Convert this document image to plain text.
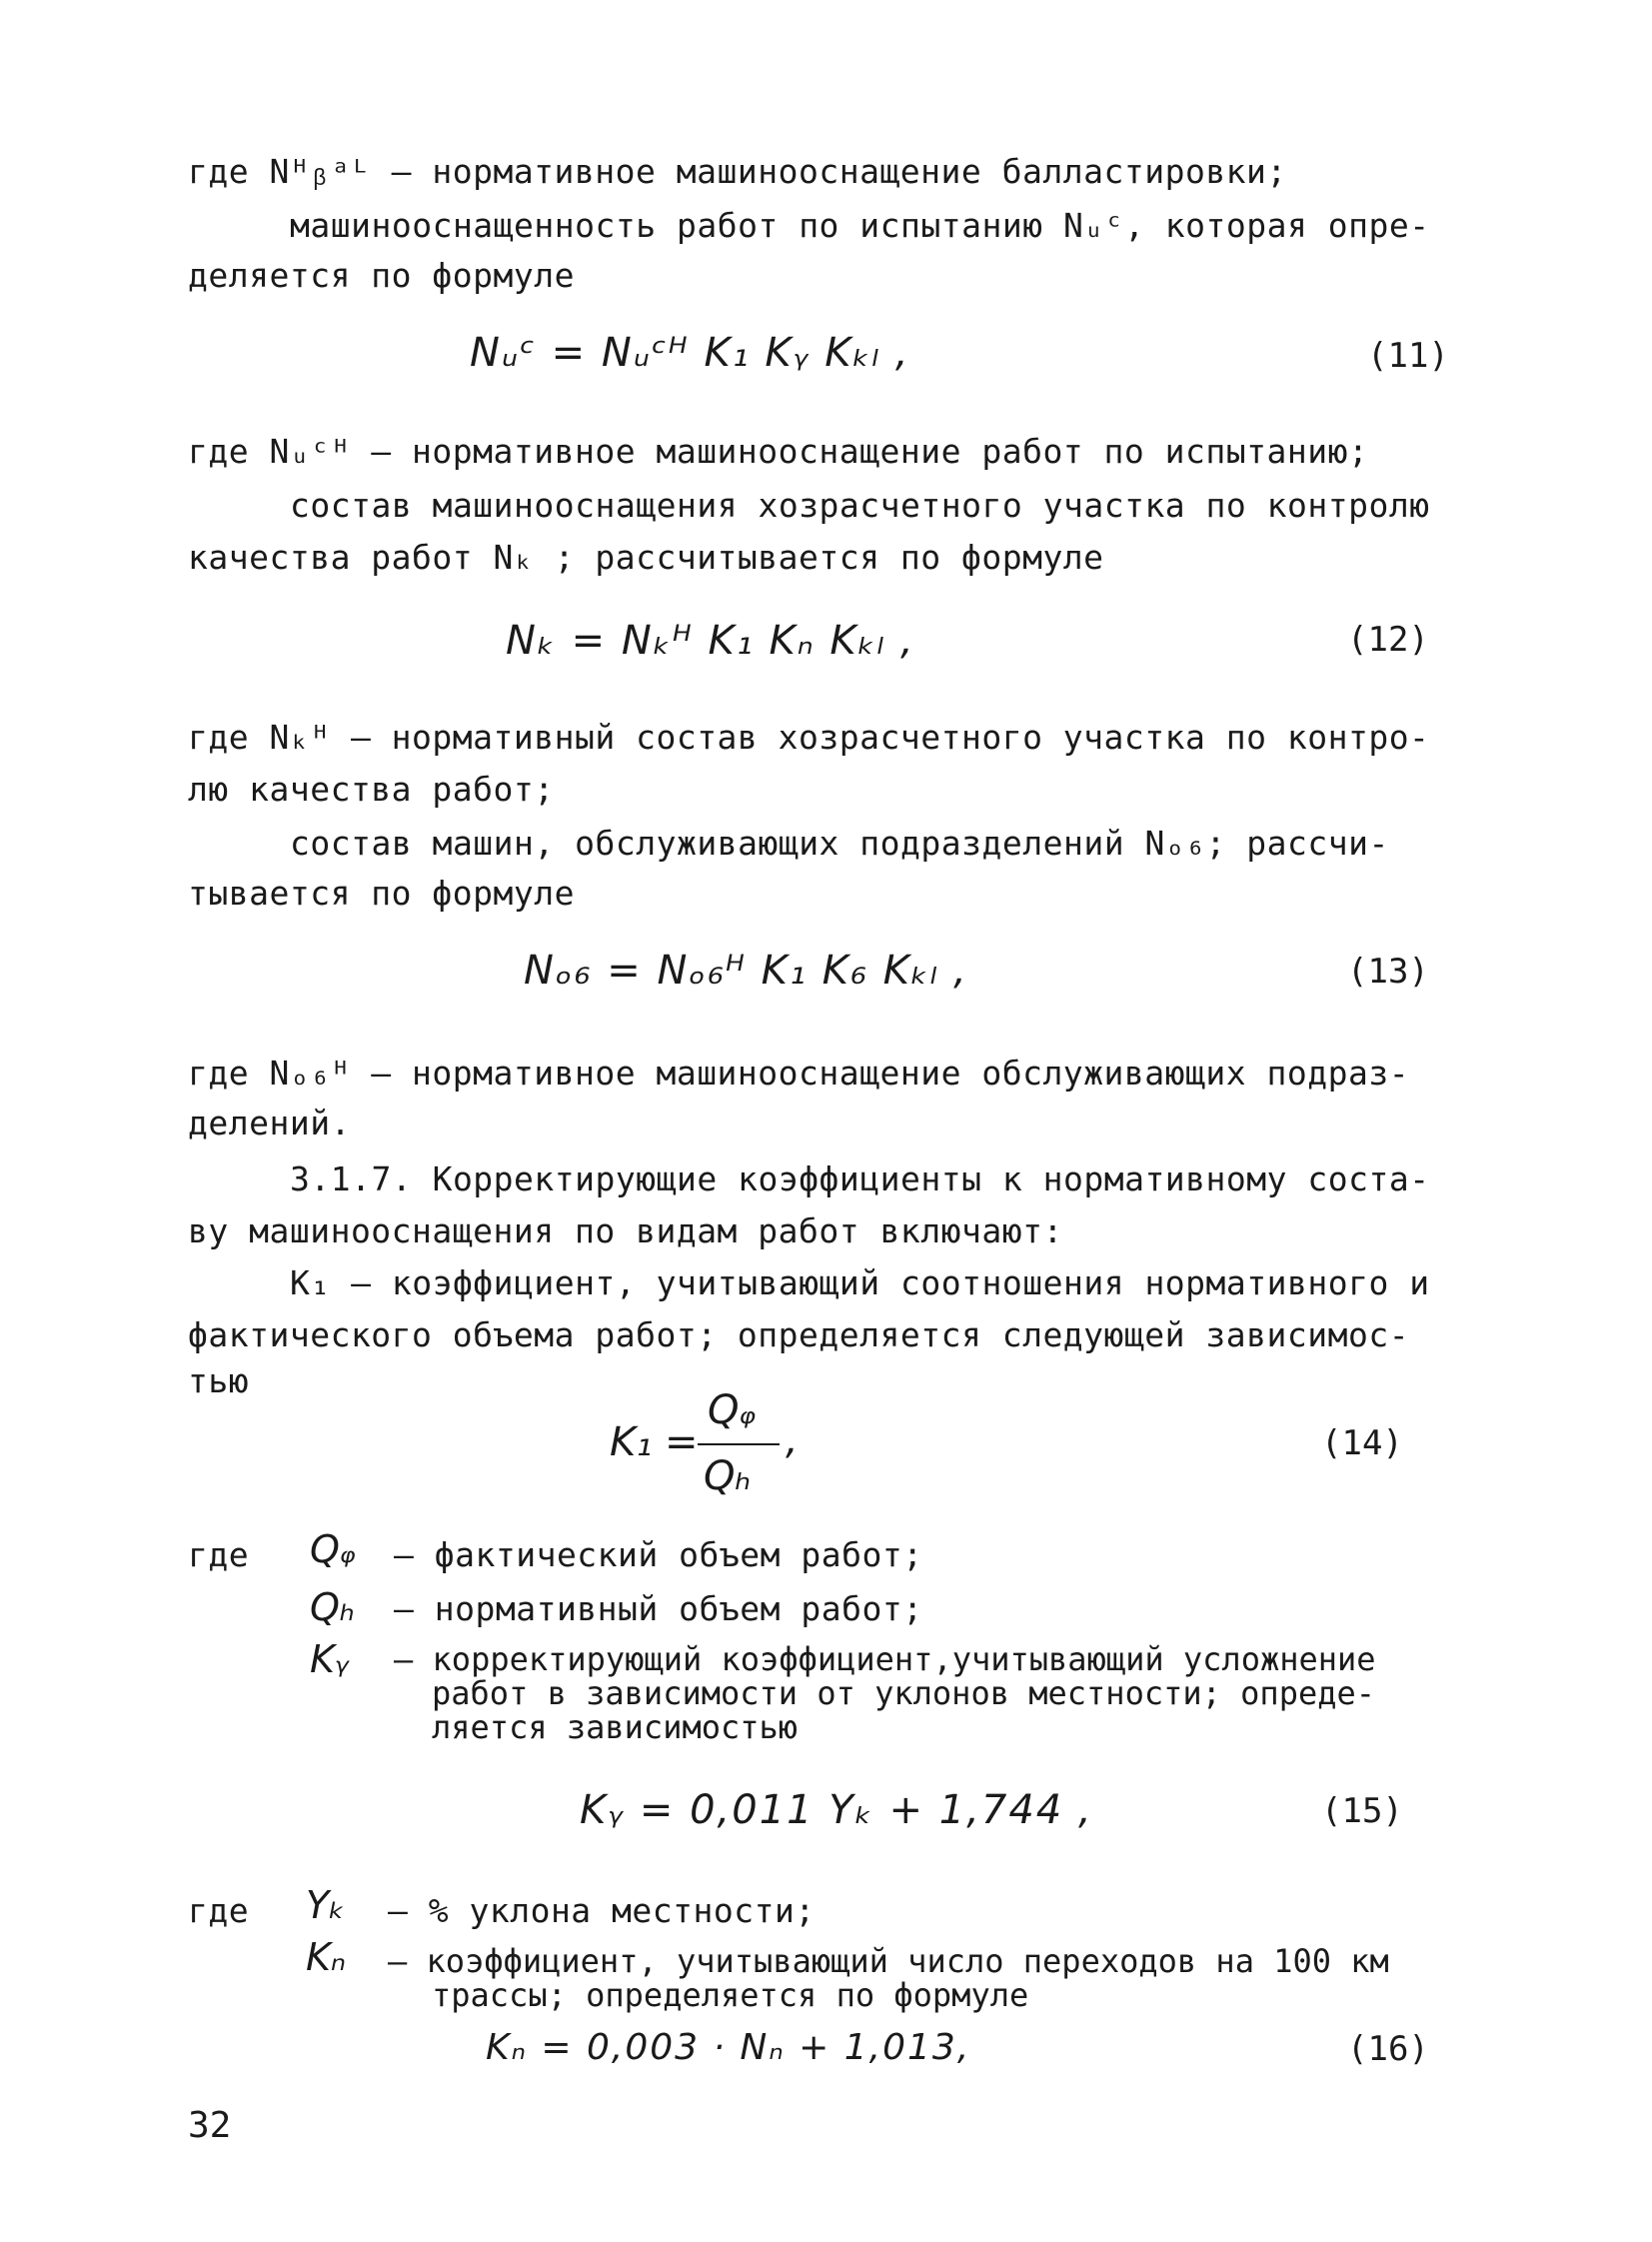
где Nᴴᵦᵃᴸ – нормативное машинооснащение балластировки;
машинооснащенность работ по испытанию Nᵤᶜ, которая опре-
деляется по формуле
Nᵤᶜ = Nᵤᶜᴴ K₁ Kᵧ Kₖₗ ,	(11)
где Nᵤᶜᴴ – нормативное машинооснащение работ по испытанию;
состав машинооснащения хозрасчетного участка по контролю
качества работ Nₖ ; рассчитывается по формуле
Nₖ = Nₖᴴ K₁ Kₙ Kₖₗ ,	(12)
где Nₖᴴ – нормативный состав хозрасчетного участка по контро-
лю качества работ;
состав машин, обслуживающих подразделений Nₒ₆; рассчи-
тывается по формуле
Nₒ₆ = Nₒ₆ᴴ K₁ K₆ Kₖₗ ,	(13)
где Nₒ₆ᴴ – нормативное машинооснащение обслуживающих подраз-
делений.
3.1.7. Корректирующие коэффициенты к нормативному соста-
ву машинооснащения по видам работ включают:
K₁ – коэффициент, учитывающий соотношения нормативного и
фактического объема работ; определяется следующей зависимос-
тью
K₁ =
Qᵩ
Qₕ
,	(14)
где Qᵩ – фактический объем работ;
Qₕ – нормативный объем работ;
Kᵧ – корректирующий коэффициент,учитывающий усложнение
работ в зависимости от уклонов местности; опреде-
ляется зависимостью
Kᵧ = 0,011 Yₖ + 1,744 ,	(15)
где Yₖ – % уклона местности;
Kₙ – коэффициент, учитывающий число переходов на 100 км
трассы; определяется по формуле
Kₙ = 0,003 · Nₙ + 1,013,	(16)
32
